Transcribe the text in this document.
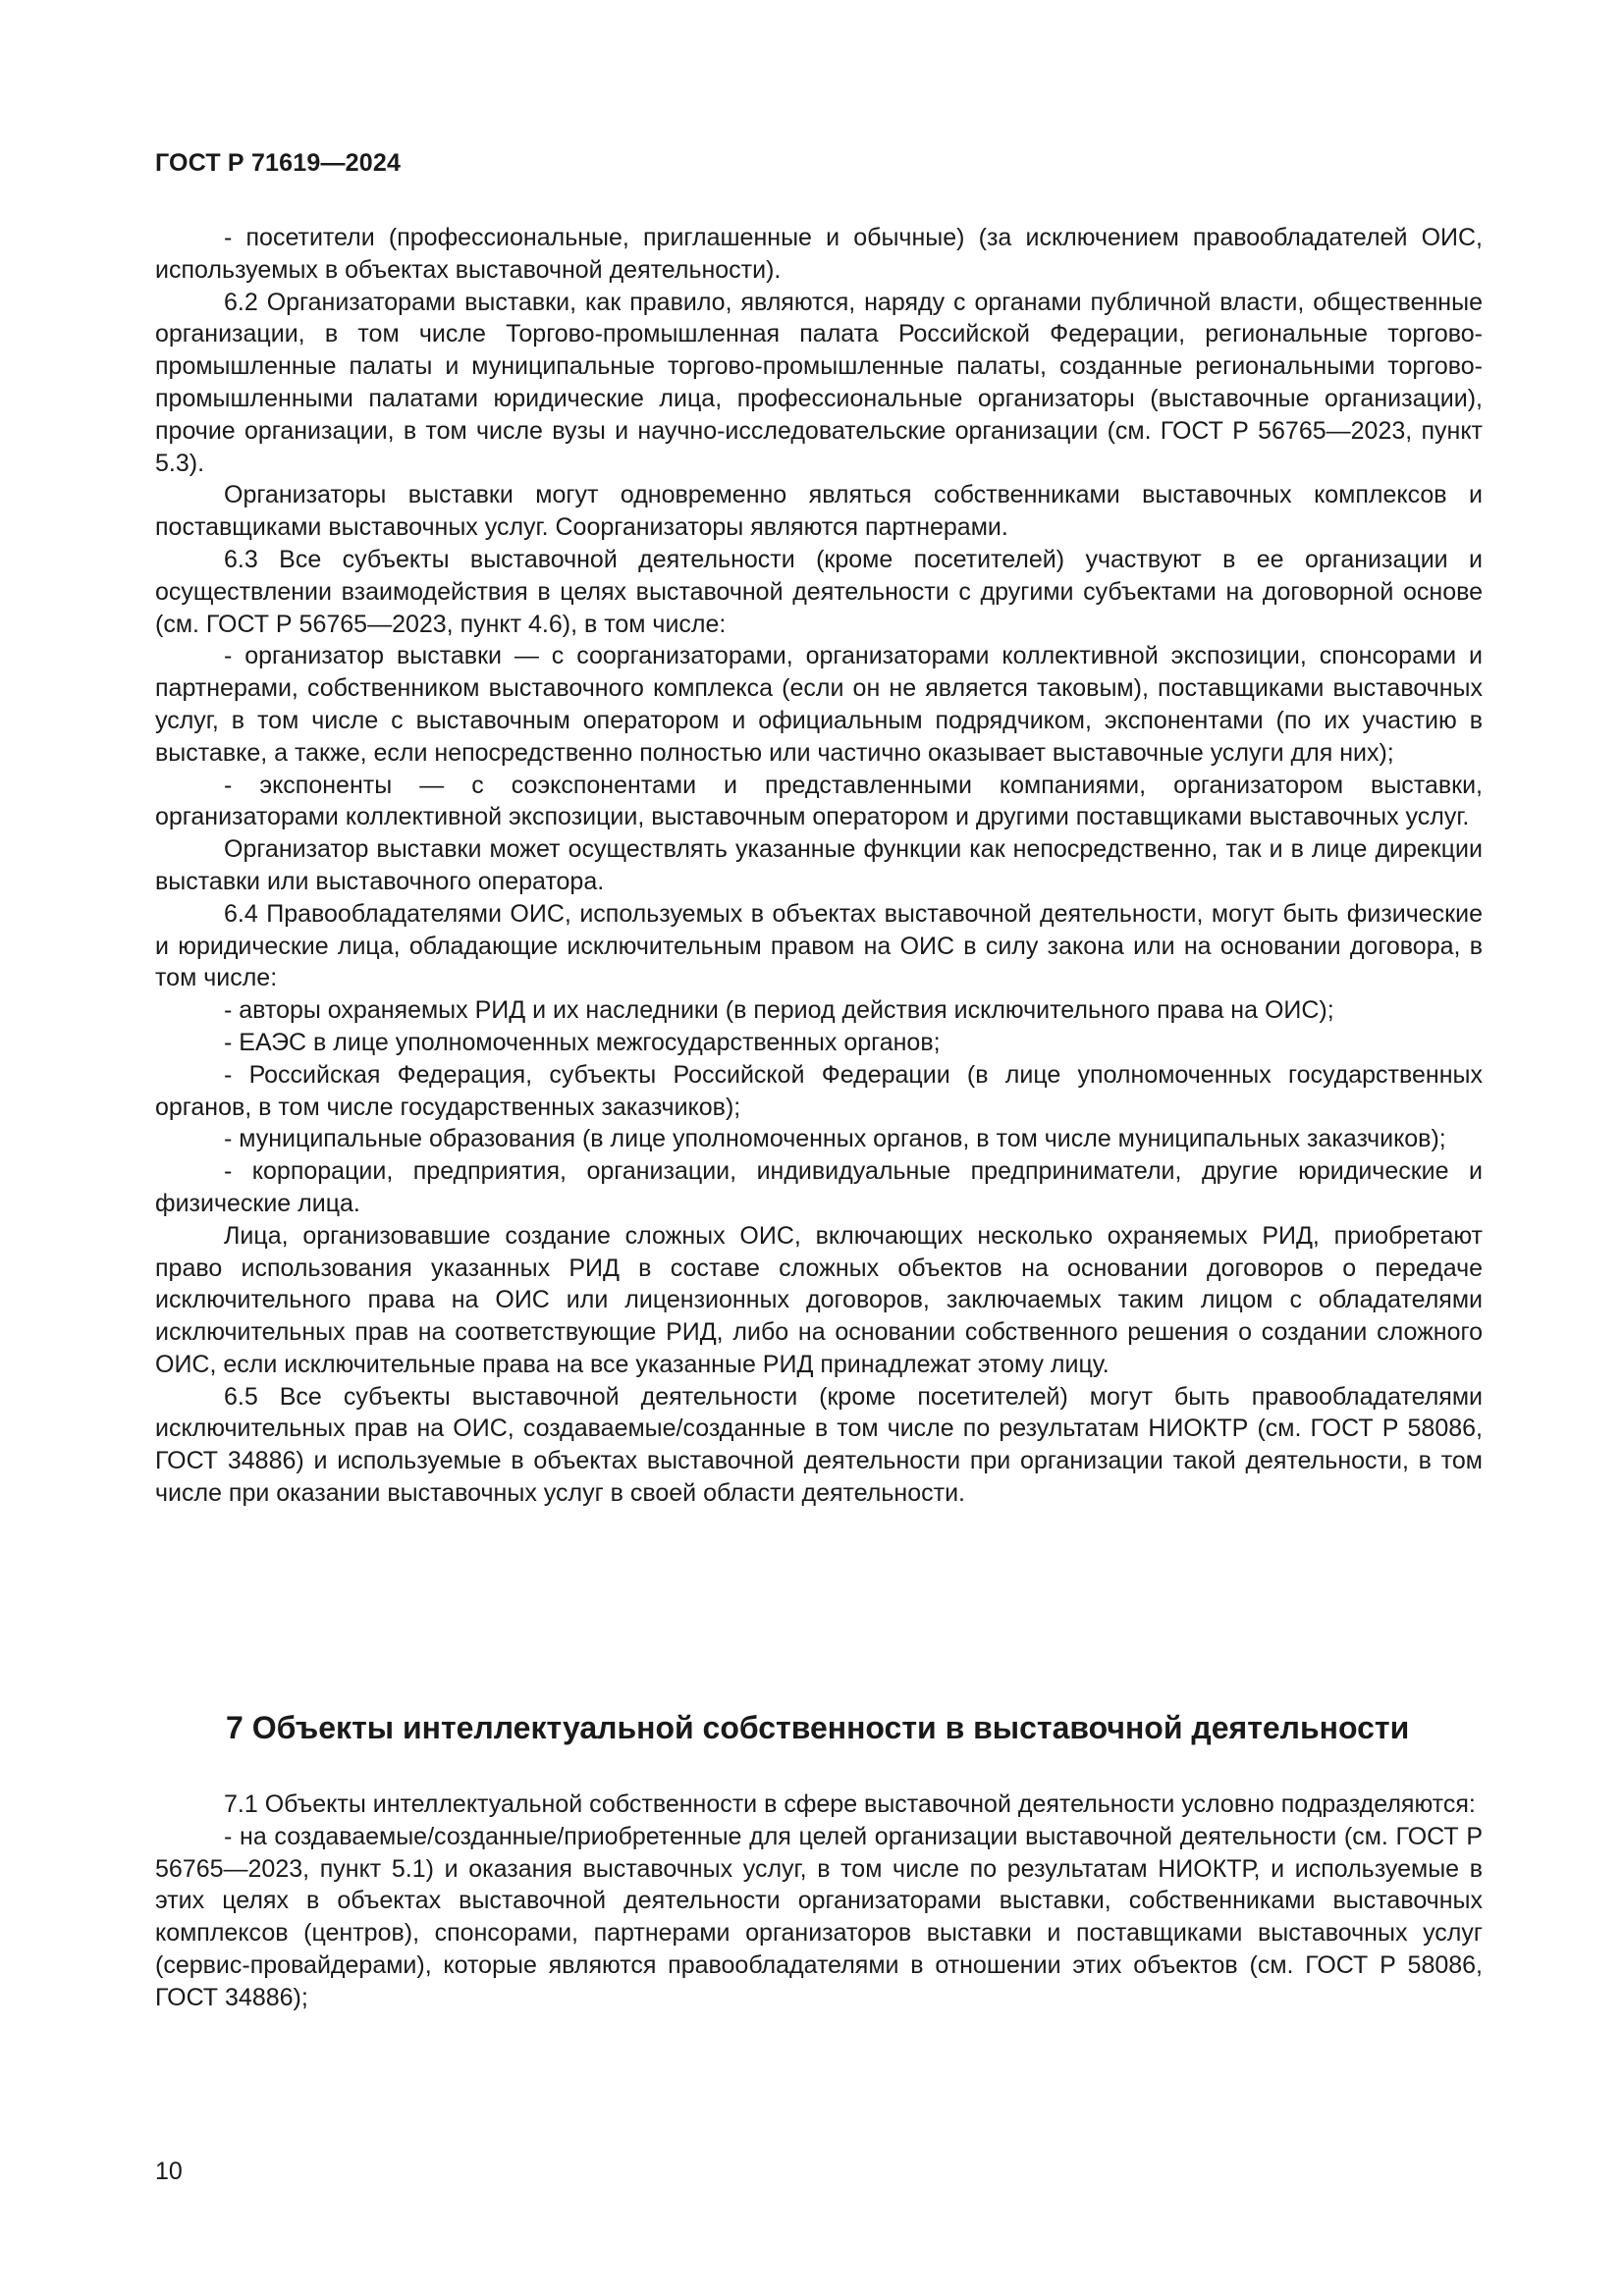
ГОСТ Р 71619—2024

- посетители (профессиональные, приглашенные и обычные) (за исключением правообладателей ОИС, используемых в объектах выставочной деятельности).

6.2 Организаторами выставки, как правило, являются, наряду с органами публичной власти, общественные организации, в том числе Торгово-промышленная палата Российской Федерации, региональные торгово-промышленные палаты и муниципальные торгово-промышленные палаты, созданные региональными торгово-промышленными палатами юридические лица, профессиональные организаторы (выставочные организации), прочие организации, в том числе вузы и научно-исследовательские организации (см. ГОСТ Р 56765—2023, пункт 5.3).

Организаторы выставки могут одновременно являться собственниками выставочных комплексов и поставщиками выставочных услуг. Соорганизаторы являются партнерами.

6.3 Все субъекты выставочной деятельности (кроме посетителей) участвуют в ее организации и осуществлении взаимодействия в целях выставочной деятельности с другими субъектами на договорной основе (см. ГОСТ Р 56765—2023, пункт 4.6), в том числе:

- организатор выставки — с соорганизаторами, организаторами коллективной экспозиции, спонсорами и партнерами, собственником выставочного комплекса (если он не является таковым), поставщиками выставочных услуг, в том числе с выставочным оператором и официальным подрядчиком, экспонентами (по их участию в выставке, а также, если непосредственно полностью или частично оказывает выставочные услуги для них);

- экспоненты — с соэкспонентами и представленными компаниями, организатором выставки, организаторами коллективной экспозиции, выставочным оператором и другими поставщиками выставочных услуг.

Организатор выставки может осуществлять указанные функции как непосредственно, так и в лице дирекции выставки или выставочного оператора.

6.4 Правообладателями ОИС, используемых в объектах выставочной деятельности, могут быть физические и юридические лица, обладающие исключительным правом на ОИС в силу закона или на основании договора, в том числе:

- авторы охраняемых РИД и их наследники (в период действия исключительного права на ОИС);

- ЕАЭС в лице уполномоченных межгосударственных органов;

- Российская Федерация, субъекты Российской Федерации (в лице уполномоченных государственных органов, в том числе государственных заказчиков);

- муниципальные образования (в лице уполномоченных органов, в том числе муниципальных заказчиков);

- корпорации, предприятия, организации, индивидуальные предприниматели, другие юридические и физические лица.

Лица, организовавшие создание сложных ОИС, включающих несколько охраняемых РИД, приобретают право использования указанных РИД в составе сложных объектов на основании договоров о передаче исключительного права на ОИС или лицензионных договоров, заключаемых таким лицом с обладателями исключительных прав на соответствующие РИД, либо на основании собственного решения о создании сложного ОИС, если исключительные права на все указанные РИД принадлежат этому лицу.

6.5 Все субъекты выставочной деятельности (кроме посетителей) могут быть правообладателями исключительных прав на ОИС, создаваемые/созданные в том числе по результатам НИОКТР (см. ГОСТ Р 58086, ГОСТ 34886) и используемые в объектах выставочной деятельности при организации такой деятельности, в том числе при оказании выставочных услуг в своей области деятельности.

7 Объекты интеллектуальной собственности в выставочной деятельности

7.1 Объекты интеллектуальной собственности в сфере выставочной деятельности условно подразделяются:

- на создаваемые/созданные/приобретенные для целей организации выставочной деятельности (см. ГОСТ Р 56765—2023, пункт 5.1) и оказания выставочных услуг, в том числе по результатам НИОКТР, и используемые в этих целях в объектах выставочной деятельности организаторами выставки, собственниками выставочных комплексов (центров), спонсорами, партнерами организаторов выставки и поставщиками выставочных услуг (сервис-провайдерами), которые являются правообладателями в отношении этих объектов (см. ГОСТ Р 58086, ГОСТ 34886);

10
